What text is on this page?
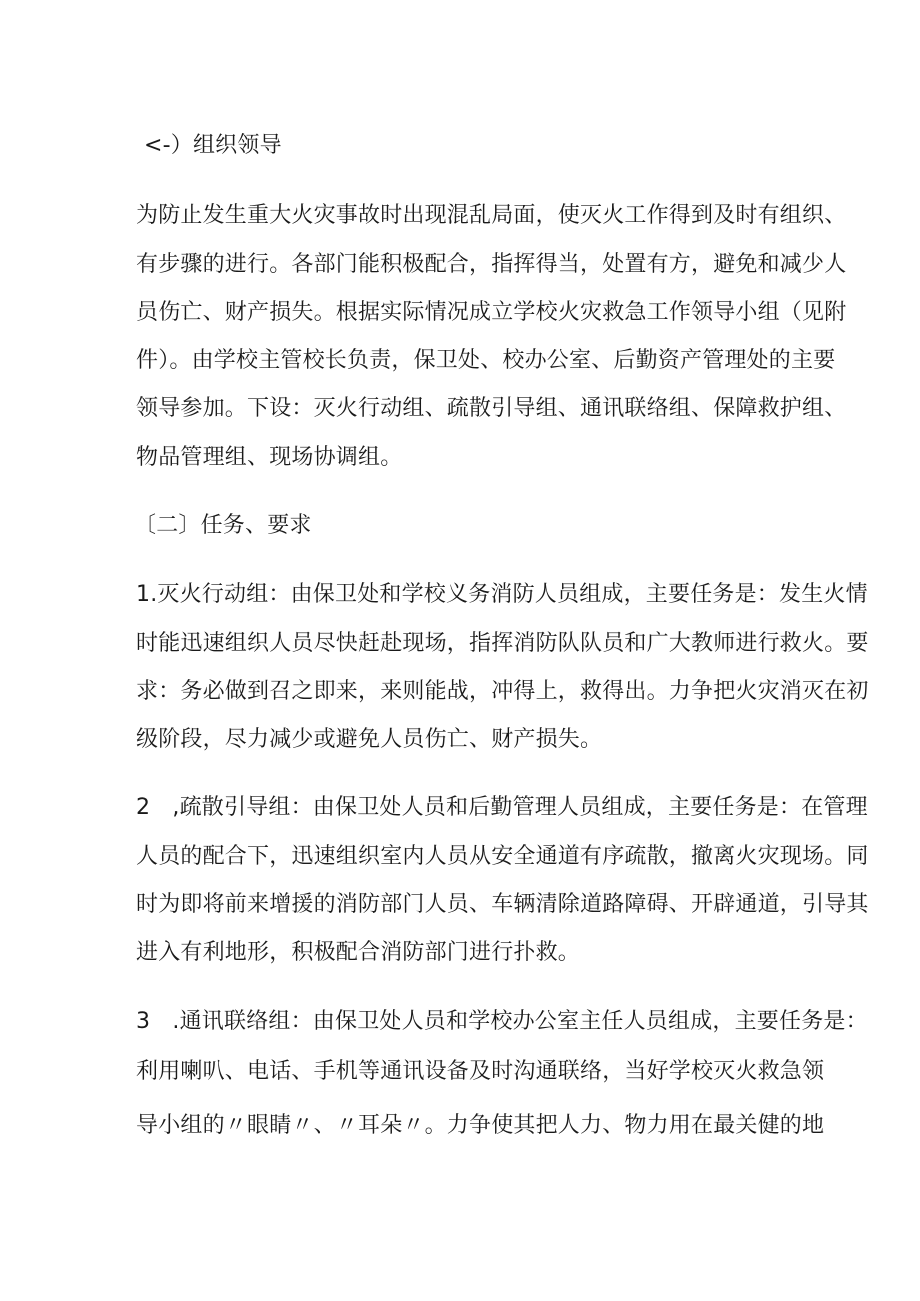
<-）组织领导

为防止发生重大火灾事故时出现混乱局面，使灭火工作得到及时有组织、

有步骤的进行。各部门能积极配合，指挥得当，处置有方，避免和减少人

员伤亡、财产损失。根据实际情况成立学校火灾救急工作领导小组（见附

件）。由学校主管校长负责，保卫处、校办公室、后勤资产管理处的主要

领导参加。下设：灭火行动组、疏散引导组、通讯联络组、保障救护组、

物品管理组、现场协调组。

〔二〕任务、要求

1.灭火行动组：由保卫处和学校义务消防人员组成，主要任务是：发生火情

时能迅速组织人员尽快赶赴现场，指挥消防队队员和广大教师进行救火。要

求：务必做到召之即来，来则能战，冲得上，救得出。力争把火灾消灭在初

级阶段，尽力减少或避免人员伤亡、财产损失。

2　,疏散引导组：由保卫处人员和后勤管理人员组成，主要任务是：在管理

人员的配合下，迅速组织室内人员从安全通道有序疏散，撤离火灾现场。同

时为即将前来增援的消防部门人员、车辆清除道路障碍、开辟通道，引导其

进入有利地形，积极配合消防部门进行扑救。

3　.通讯联络组：由保卫处人员和学校办公室主任人员组成，主要任务是：

利用喇叭、电话、手机等通讯设备及时沟通联络，当好学校灭火救急领

导小组的〃眼睛〃、〃耳朵〃。力争使其把人力、物力用在最关健的地
